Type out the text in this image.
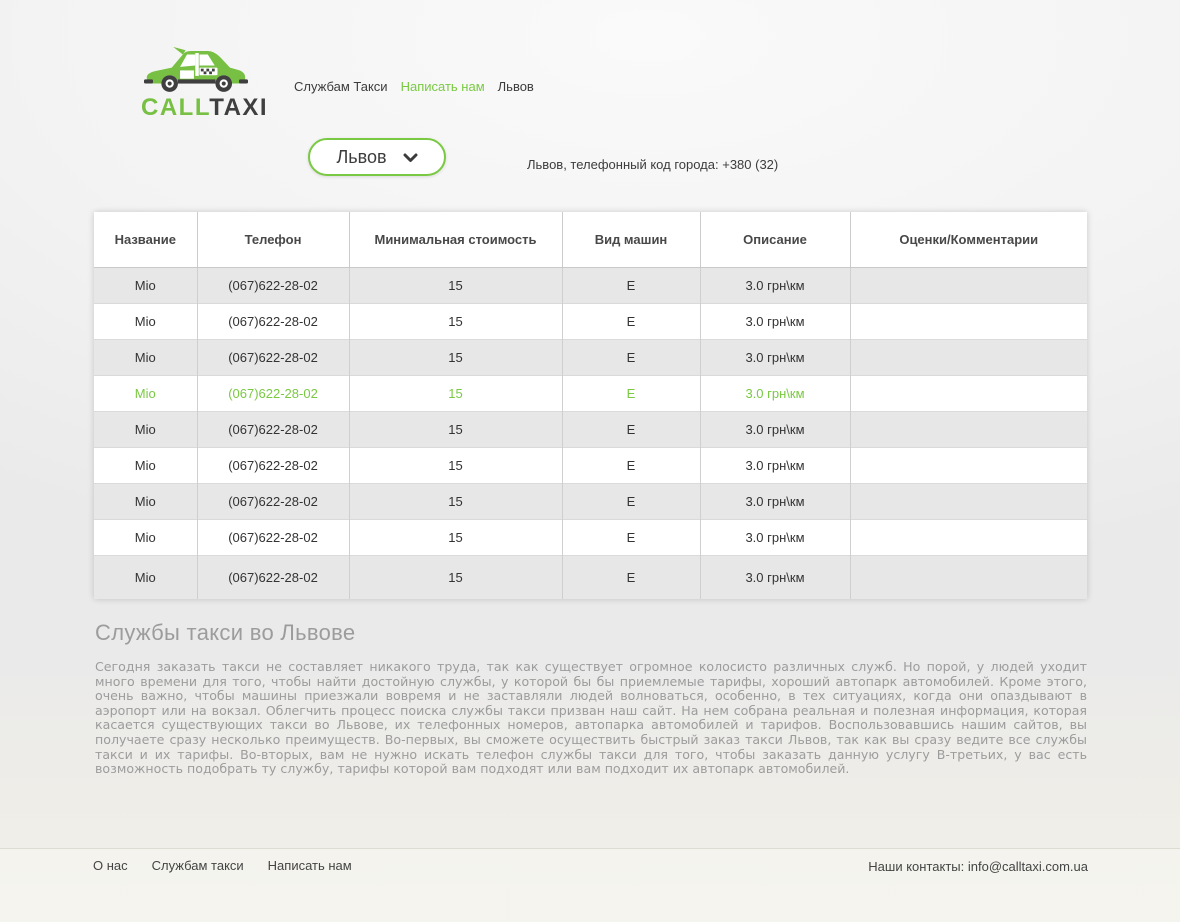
CALLTAXI
Службам Такси Написать нам Львов
Львов	Львов, телефонный код города: +380 (32)
Название	Телефон	Минимальная стоимость	Вид машин	Описание	Оценки/Комментарии
Mio	(067)622-28-02	15	E	3.0 грн\км	
Mio	(067)622-28-02	15	E	3.0 грн\км	
Mio	(067)622-28-02	15	E	3.0 грн\км	
Mio	(067)622-28-02	15	E	3.0 грн\км	
Mio	(067)622-28-02	15	E	3.0 грн\км	
Mio	(067)622-28-02	15	E	3.0 грн\км	
Mio	(067)622-28-02	15	E	3.0 грн\км	
Mio	(067)622-28-02	15	E	3.0 грн\км	
Mio	(067)622-28-02	15	E	3.0 грн\км	
Службы такси во Львове

Сегодня заказать такси не составляет никакого труда, так как существует огромное колосисто различных служб. Но порой, у людей уходит много времени для того, чтобы найти достойную службы, у которой бы бы приемлемые тарифы, хороший автопарк автомобилей. Кроме этого, очень важно, чтобы машины приезжали вовремя и не заставляли людей волноваться, особенно, в тех ситуациях, когда они опаздывают в аэропорт или на вокзал. Облегчить процесс поиска службы такси призван наш сайт. На нем собрана реальная и полезная информация, которая касается существующих такси во Львове, их телефонных номеров, автопарка автомобилей и тарифов. Воспользовавшись нашим сайтов, вы получаете сразу несколько преимуществ. Во-первых, вы сможете осуществить быстрый заказ такси Львов, так как вы сразу ведите все службы такси и их тарифы. Во-вторых, вам не нужно искать телефон службы такси для того, чтобы заказать данную услугу В-третьих, у вас есть возможность подобрать ту службу, тарифы которой вам подходят или вам подходит их автопарк автомобилей.

О нас Службам такси Написать нам	Наши контакты: info@calltaxi.com.ua
